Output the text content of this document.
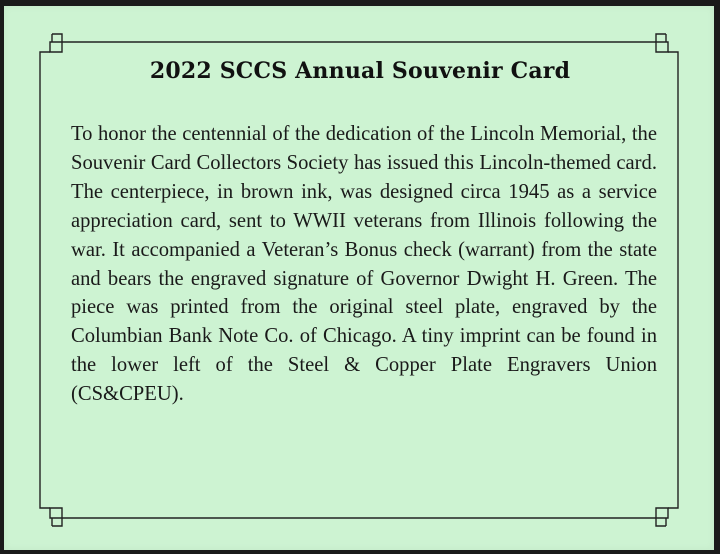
2022 SCCS Annual Souvenir Card
To honor the centennial of the dedication of the Lincoln Memorial, the Souvenir Card Collectors Society has issued this Lincoln-themed card. The centerpiece, in brown ink, was designed circa 1945 as a service appreciation card, sent to WWII veterans from Illinois following the war. It accompanied a Veteran’s Bonus check (warrant) from the state and bears the engraved signature of Governor Dwight H. Green. The piece was printed from the original steel plate, engraved by the Columbian Bank Note Co. of Chicago. A tiny imprint can be found in the lower left of the Steel & Copper Plate Engravers Union (CS&CPEU).
